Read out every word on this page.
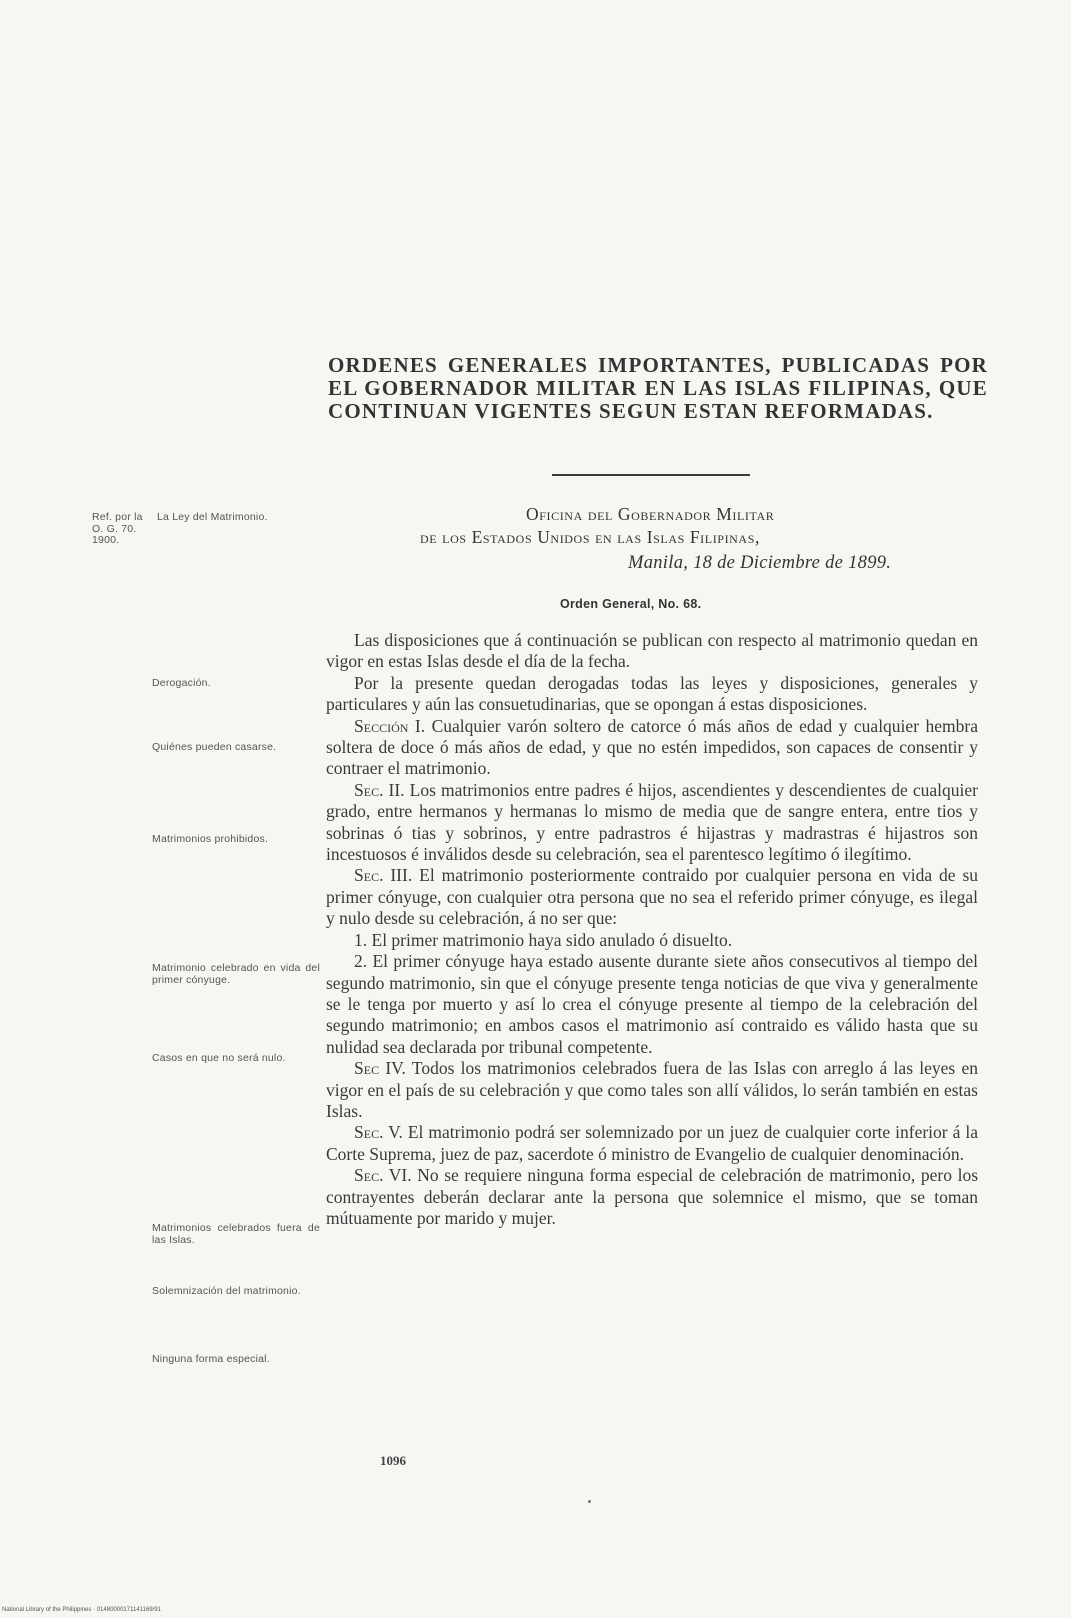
ORDENES GENERALES IMPORTANTES, PUBLICADAS POR EL GOBERNADOR MILITAR EN LAS ISLAS FILIPINAS, QUE CONTINUAN VIGENTES SEGUN ESTAN REFORMADAS.
Oficina del Gobernador Militar
de los Estados Unidos en las Islas Filipinas,
Manila, 18 de Diciembre de 1899.
Orden General, No. 68.
Ref. por la O. G. 70. 1900.
La Ley del Matrimonio.
Derogación.
Quiénes pueden casarse.
Matrimonios prohibidos.
Matrimonio celebrado en vida del primer cónyuge.
Casos en que no será nulo.
Matrimonios celebrados fuera de las Islas.
Solemnización del matrimonio.
Ninguna forma especial.

Las disposiciones que á continuación se publican con respecto al matrimonio quedan en vigor en estas Islas desde el día de la fecha.

Por la presente quedan derogadas todas las leyes y disposiciones, generales y particulares y aún las consuetudinarias, que se opongan á estas disposiciones.

Sección I. Cualquier varón soltero de catorce ó más años de edad y cualquier hembra soltera de doce ó más años de edad, y que no estén impedidos, son capaces de consentir y contraer el matrimonio.

Sec. II. Los matrimonios entre padres é hijos, ascendientes y descendientes de cualquier grado, entre hermanos y hermanas lo mismo de media que de sangre entera, entre tios y sobrinas ó tias y sobrinos, y entre padrastros é hijastras y madrastras é hijastros son incestuosos é inválidos desde su celebración, sea el parentesco legítimo ó ilegítimo.

Sec. III. El matrimonio posteriormente contraido por cualquier persona en vida de su primer cónyuge, con cualquier otra persona que no sea el referido primer cónyuge, es ilegal y nulo desde su celebración, á no ser que:

1. El primer matrimonio haya sido anulado ó disuelto.

2. El primer cónyuge haya estado ausente durante siete años consecutivos al tiempo del segundo matrimonio, sin que el cónyuge presente tenga noticias de que viva y generalmente se le tenga por muerto y así lo crea el cónyuge presente al tiempo de la celebración del segundo matrimonio; en ambos casos el matrimonio así contraido es válido hasta que su nulidad sea declarada por tribunal competente.

Sec IV. Todos los matrimonios celebrados fuera de las Islas con arreglo á las leyes en vigor en el país de su celebración y que como tales son allí válidos, lo serán también en estas Islas.

Sec. V. El matrimonio podrá ser solemnizado por un juez de cualquier corte inferior á la Corte Suprema, juez de paz, sacerdote ó ministro de Evangelio de cualquier denominación.

Sec. VI. No se requiere ninguna forma especial de celebración de matrimonio, pero los contrayentes deberán declarar ante la persona que solemnice el mismo, que se toman mútuamente por marido y mujer.

1096
National Library of the Philippines · 01480000171141169/91
